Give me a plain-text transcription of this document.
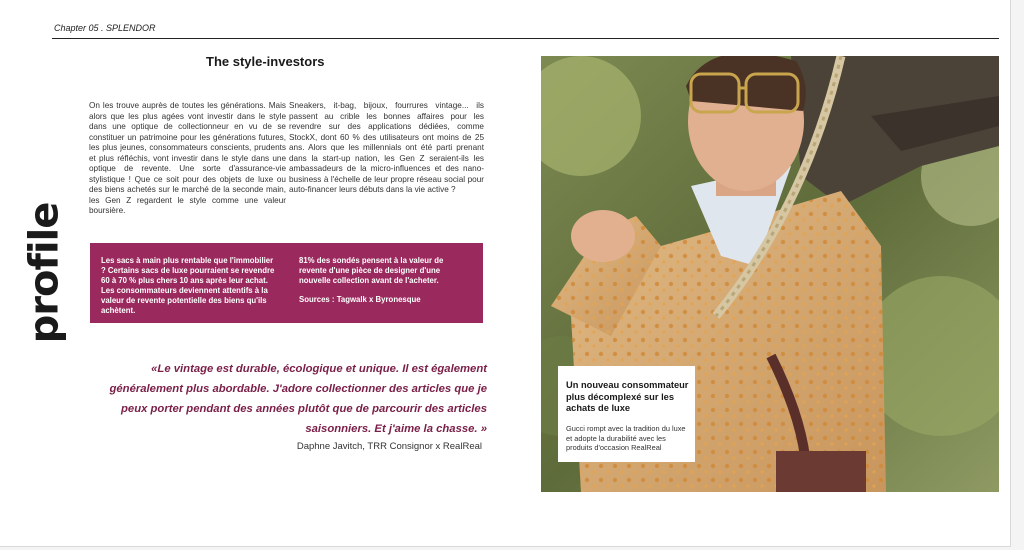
Chapter 05 . SPLENDOR
profile
The style-investors
On les trouve auprès de toutes les générations. Mais alors que les plus agées vont investir dans le style dans une optique de collectionneur en vu de se constituer un patrimoine pour les générations futures, les plus jeunes, consommateurs conscients, prudents et plus réfléchis, vont investir dans le style dans une optique de revente. Une sorte d'assurance-vie stylistique ! Que ce soit pour des objets de luxe ou des biens achetés sur le marché de la seconde main, les Gen Z regardent le style comme une valeur boursière.
Sneakers, it-bag, bijoux, fourrures vintage... ils passent au crible les bonnes affaires pour les revendre sur des applications dédiées, comme StockX, dont 60 % des utilisateurs ont moins de 25 ans. Alors que les millennials ont été parti prenant dans la start-up nation, les Gen Z seraient-ils les ambassadeurs de la micro-influences et des nano-business à l'échelle de leur propre réseau social pour auto-financer leurs débuts dans la vie active ?
Les sacs à main plus rentable que l'immobilier ? Certains sacs de luxe pourraient se revendre 60 à 70 % plus chers 10 ans après leur achat. Les consommateurs deviennent attentifs à la valeur de revente potentielle des biens qu'ils achètent.
81% des sondés pensent à la valeur de revente d'une pièce de designer d'une nouvelle collection avant de l'acheter.
Sources : Tagwalk x Byronesque
«Le vintage est durable, écologique et unique. Il est également généralement plus abordable. J'adore collectionner des articles que je peux porter pendant des années plutôt que de parcourir des articles saisonniers. Et j'aime la chasse. »
Daphne Javitch, TRR Consignor x RealReal
Un nouveau consommateur plus décomplexé sur les achats de luxe
Gucci rompt avec la tradition du luxe et adopte la durabilité avec les produits d'occasion RealReal
